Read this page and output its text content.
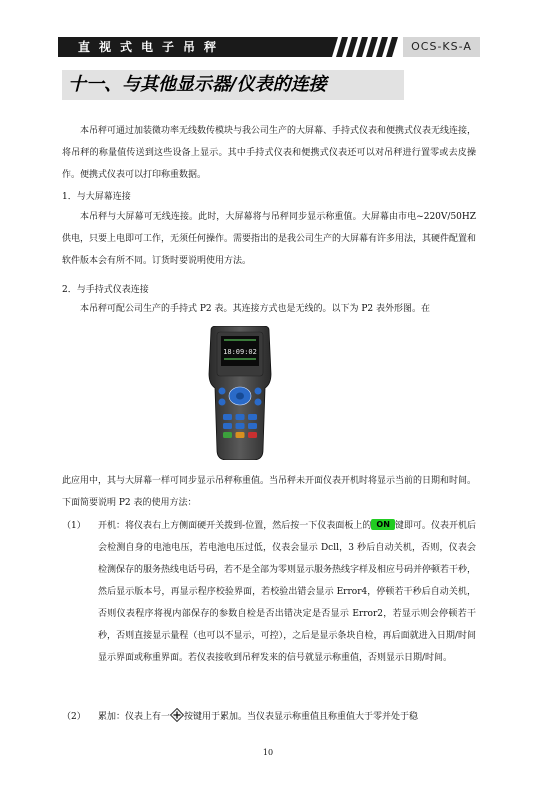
直视式电子吊秤	OCS-KS-A
十一、与其他显示器/仪表的连接

本吊秤可通过加装微功率无线数传模块与我公司生产的大屏幕、手持式仪表和便携式仪表无线连接，将吊秤的称量值传送到这些设备上显示。其中手持式仪表和便携式仪表还可以对吊秤进行置零或去皮操作。便携式仪表可以打印称重数据。

1．与大屏幕连接

本吊秤与大屏幕可无线连接。此时，大屏幕将与吊秤同步显示称重值。大屏幕由市电~220V/50HZ供电，只要上电即可工作，无须任何操作。需要指出的是我公司生产的大屏幕有许多用法，其硬件配置和软件版本会有所不同。订货时要说明使用方法。

2．与手持式仪表连接

本吊秤可配公司生产的手持式 P2 表。其连接方式也是无线的。以下为 P2 表外形图。在

18:09:02

此应用中，其与大屏幕一样可同步显示吊秤称重值。当吊秤未开面仪表开机时将显示当前的日期和时间。下面简要说明 P2 表的使用方法：

（1）	开机：将仪表右上方侧面硬开关拨到-位置，然后按一下仪表面板上的 ON 键即可。仪表开机后会检测自身的电池电压，若电池电压过低，仪表会显示 Dcll，3 秒后自动关机，否则，仪表会检测保存的服务热线电话号码，若不是全部为零则显示服务热线字样及相应号码并停顿若干秒，然后显示版本号，再显示程序校验界面，若校验出错会显示 Error4，停顿若干秒后自动关机，否则仪表程序将视内部保存的参数自检是否出错决定是否显示 Error2，若显示则会停顿若干秒，否则直接显示量程（也可以不显示，可控），之后是显示条块自检，再后面就进入日期/时间显示界面或称重界面。若仪表接收到吊秤发来的信号就显示称重值，否则显示日期/时间。
（2）	累加：仪表上有一 按键用于累加。当仪表显示称重值且称重值大于零并处于稳
10
